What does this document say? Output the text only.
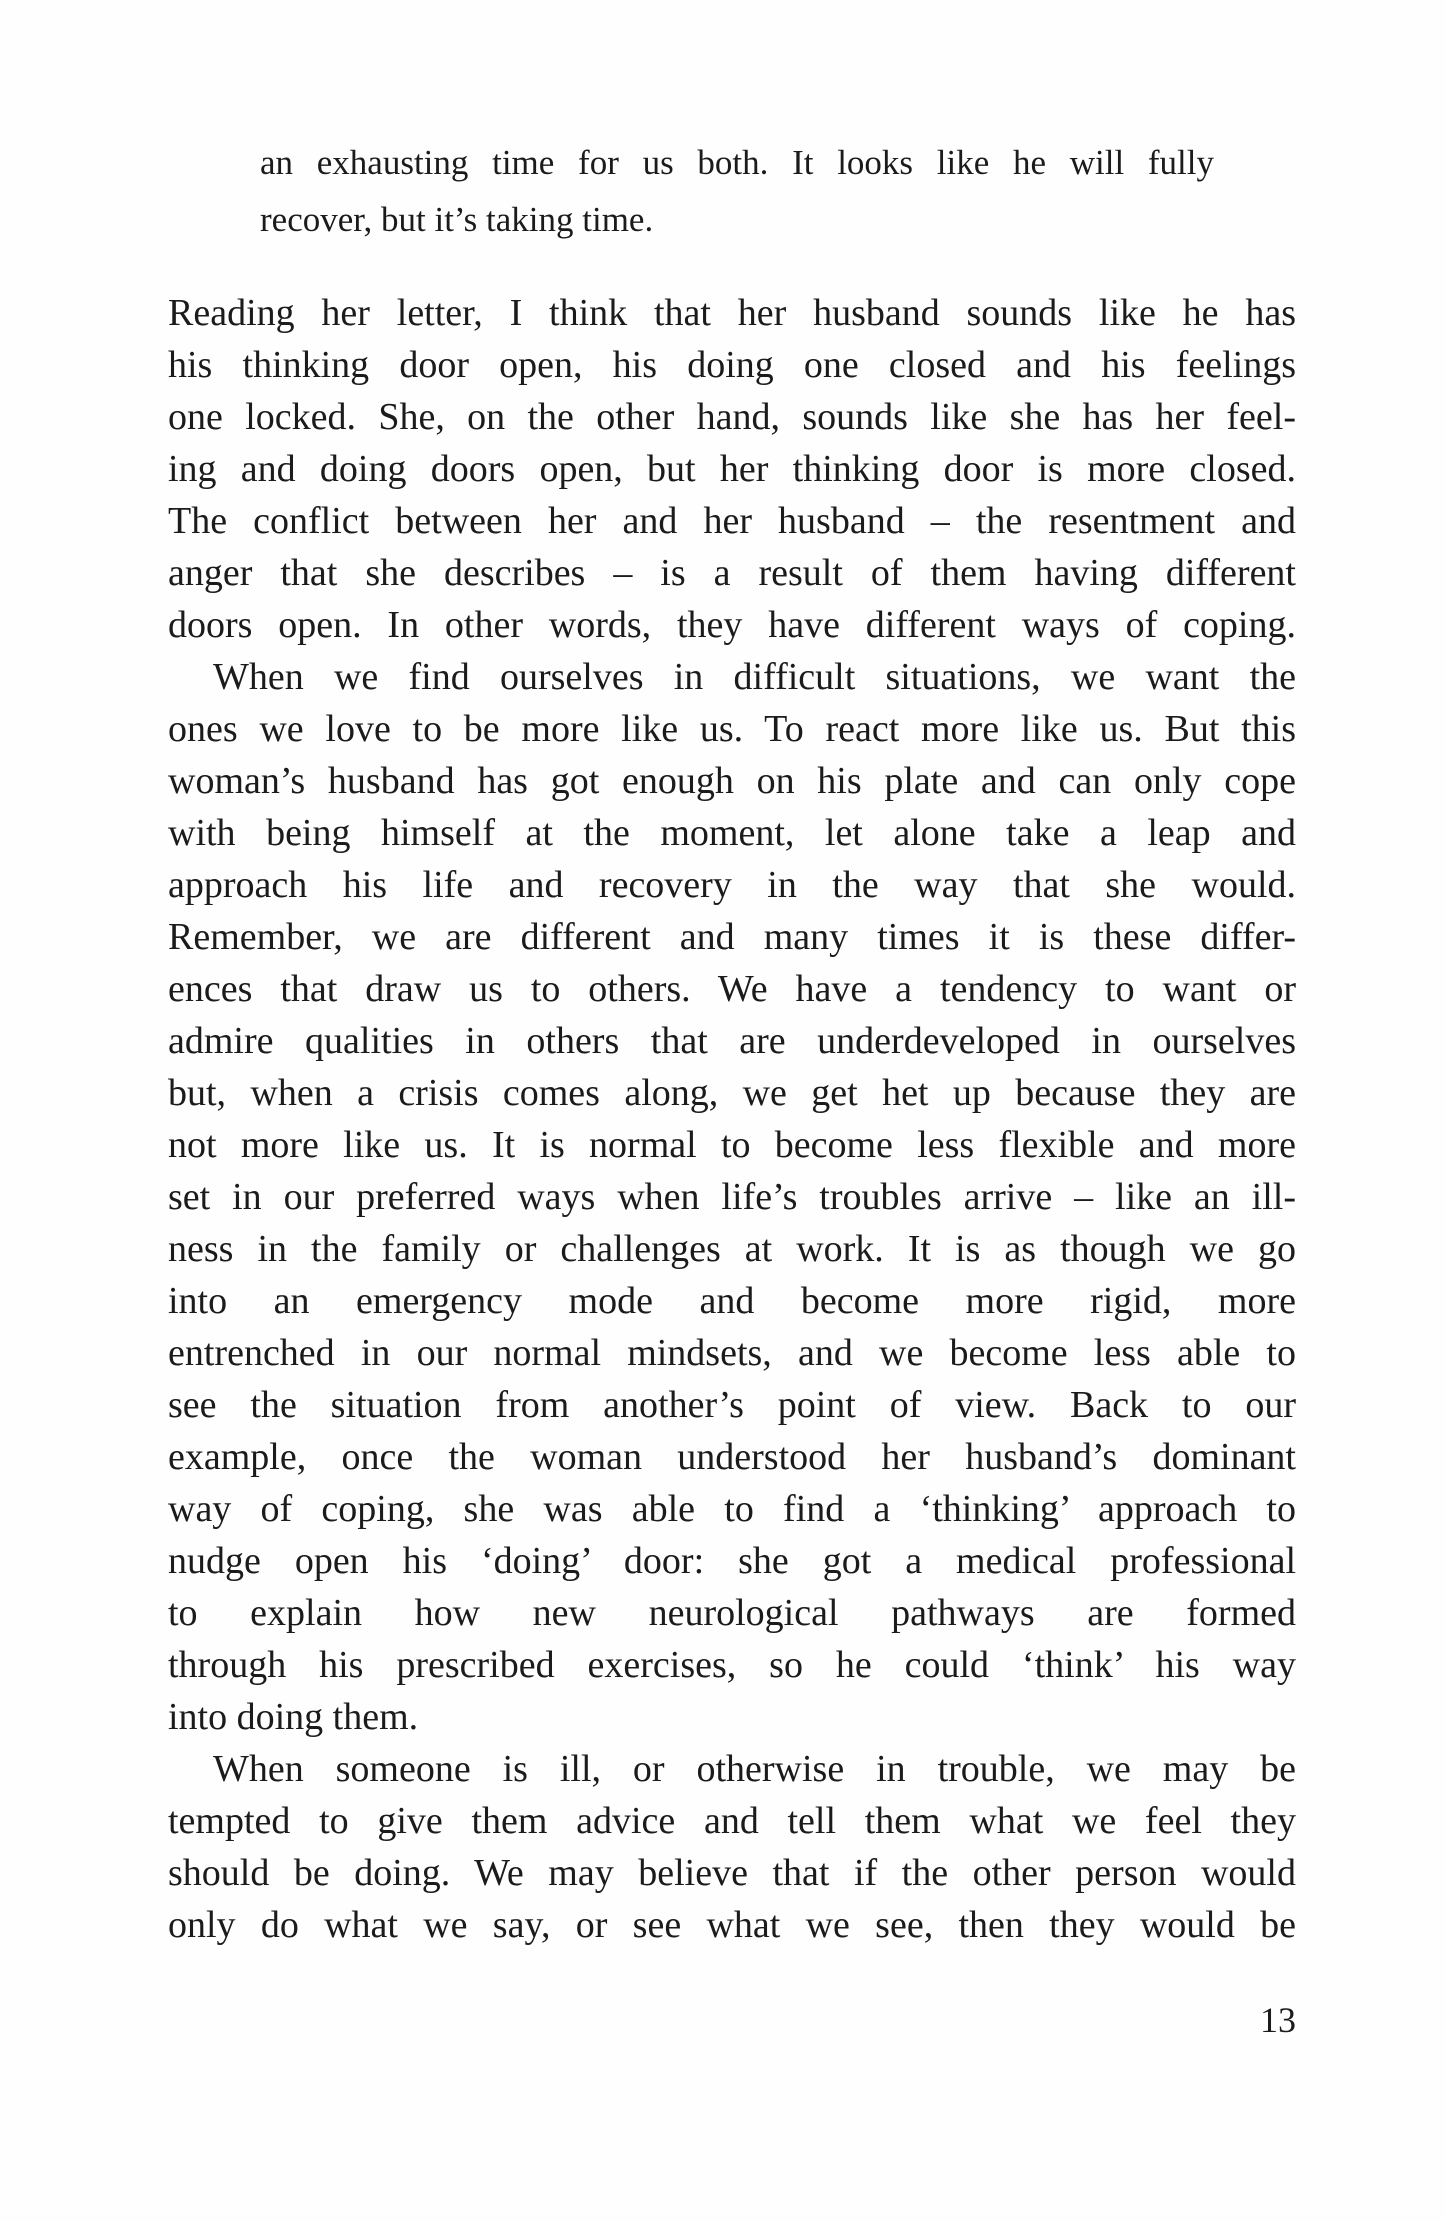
an exhausting time for us both. It looks like he will fully
recover, but it’s taking time.
Reading her letter, I think that her husband sounds like he has
his thinking door open, his doing one closed and his feelings
one locked. She, on the other hand, sounds like she has her feel-
ing and doing doors open, but her thinking door is more closed.
The conflict between her and her husband – the resentment and
anger that she describes – is a result of them having different
doors open. In other words, they have different ways of coping.
When we find ourselves in difficult situations, we want the
ones we love to be more like us. To react more like us. But this
woman’s husband has got enough on his plate and can only cope
with being himself at the moment, let alone take a leap and
approach his life and recovery in the way that she would.
Remember, we are different and many times it is these differ-
ences that draw us to others. We have a tendency to want or
admire qualities in others that are underdeveloped in ourselves
but, when a crisis comes along, we get het up because they are
not more like us. It is normal to become less flexible and more
set in our preferred ways when life’s troubles arrive – like an ill-
ness in the family or challenges at work. It is as though we go
into an emergency mode and become more rigid, more
entrenched in our normal mindsets, and we become less able to
see the situation from another’s point of view. Back to our
example, once the woman understood her husband’s dominant
way of coping, she was able to find a ‘thinking’ approach to
nudge open his ‘doing’ door: she got a medical professional
to explain how new neurological pathways are formed
through his prescribed exercises, so he could ‘think’ his way
into doing them.
When someone is ill, or otherwise in trouble, we may be
tempted to give them advice and tell them what we feel they
should be doing. We may believe that if the other person would
only do what we say, or see what we see, then they would be
13
